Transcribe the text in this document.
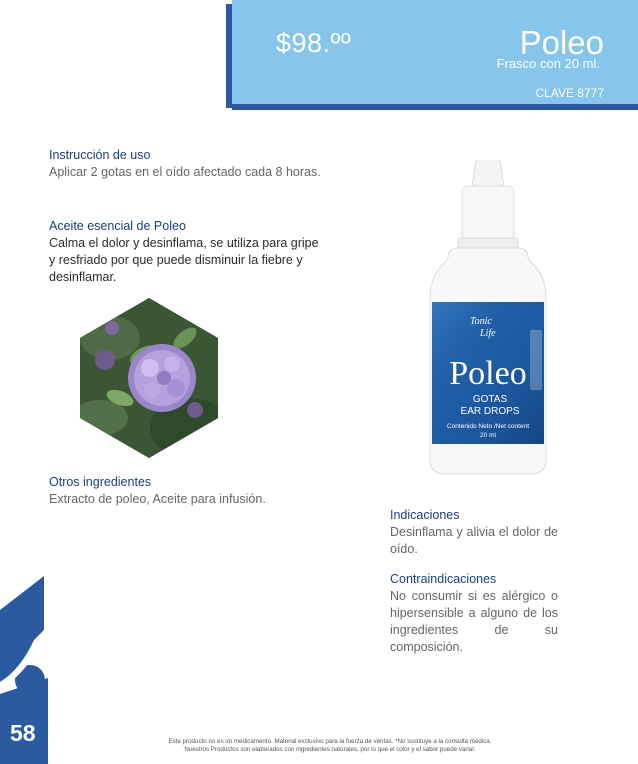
$98.ºº	Poleo
Frasco con 20 ml.
CLAVE 8777
Instrucción de uso
Aplicar 2 gotas en el oído afectado cada 8 horas.
Aceite esencial de Poleo
Calma el dolor y desinflama, se utiliza para gripe y resfriado por que puede disminuir la fiebre y desinflamar.
Otros ingredientes
Extracto de poleo, Aceite para infusión.
Tonic
Life
Poleo
GOTAS
EAR DROPS
Contenido Neto /Net content
20 ml
Indicaciones
Desinflama y alivia el dolor de oído.
Contraindicaciones
No consumir si es alérgico o hipersensible a alguno de los ingredientes de su composición.
58	Este producto no es un medicamento. Material exclusivo para la fuerza de ventas. *No sustituye a la consulta médica.
Nuestros Productos son elaborados con ingredientes naturales, por lo que el color y el sabor puede variar.
